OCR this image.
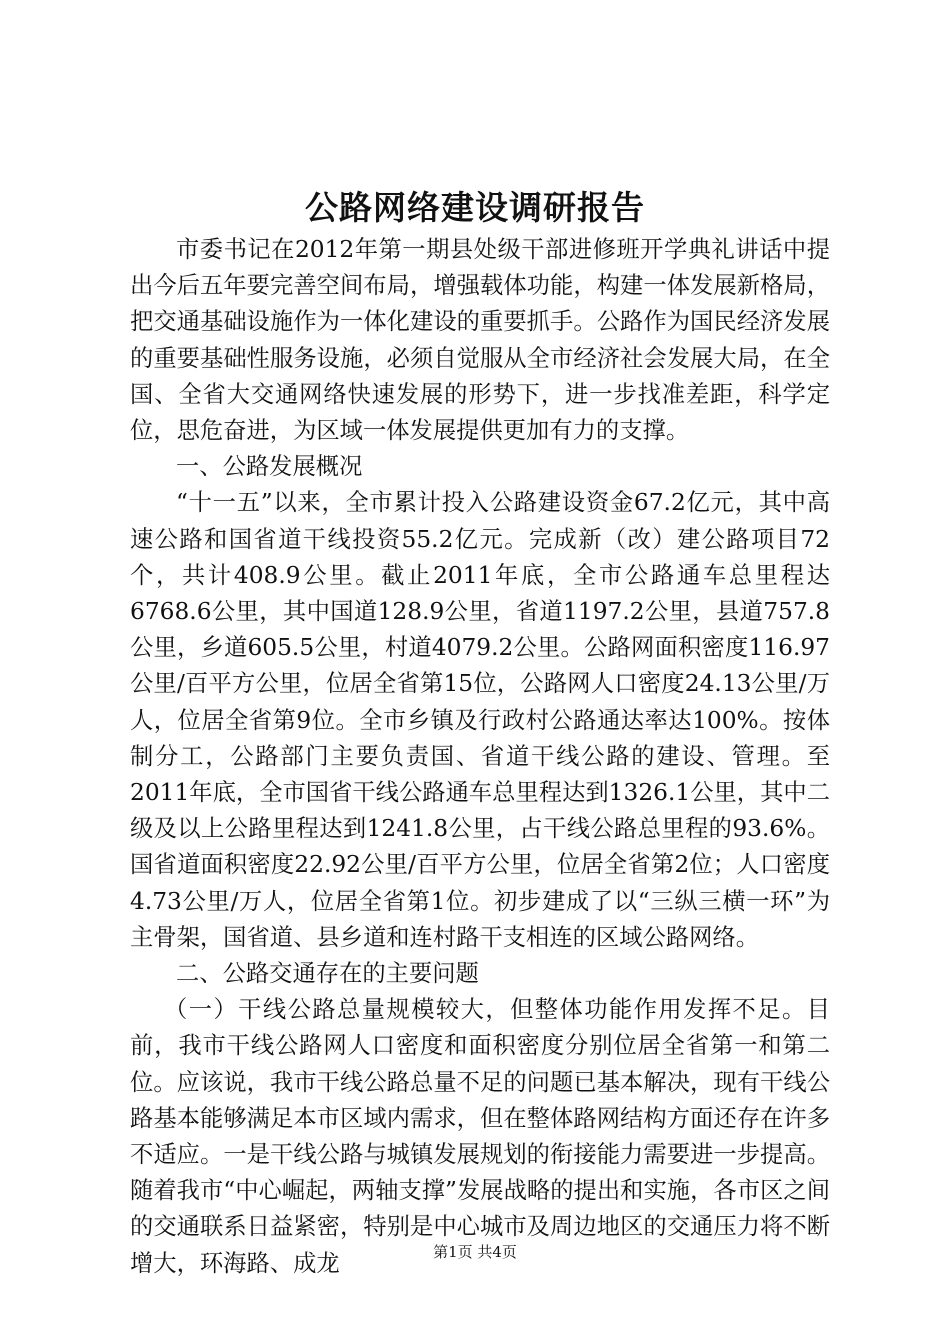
公路网络建设调研报告

市委书记在2012年第一期县处级干部进修班开学典礼讲话中提出今后五年要完善空间布局，增强载体功能，构建一体发展新格局，把交通基础设施作为一体化建设的重要抓手。公路作为国民经济发展的重要基础性服务设施，必须自觉服从全市经济社会发展大局，在全国、全省大交通网络快速发展的形势下，进一步找准差距，科学定位，思危奋进，为区域一体发展提供更加有力的支撑。

一、公路发展概况

“十一五”以来，全市累计投入公路建设资金67.2亿元，其中高速公路和国省道干线投资55.2亿元。完成新（改）建公路项目72个，共计408.9公里。截止2011年底，全市公路通车总里程达6768.6公里，其中国道128.9公里，省道1197.2公里，县道757.8公里，乡道605.5公里，村道4079.2公里。公路网面积密度116.97公里/百平方公里，位居全省第15位，公路网人口密度24.13公里/万人，位居全省第9位。全市乡镇及行政村公路通达率达100%。按体制分工，公路部门主要负责国、省道干线公路的建设、管理。至2011年底，全市国省干线公路通车总里程达到1326.1公里，其中二级及以上公路里程达到1241.8公里，占干线公路总里程的93.6%。国省道面积密度22.92公里/百平方公里，位居全省第2位；人口密度4.73公里/万人，位居全省第1位。初步建成了以“三纵三横一环”为主骨架，国省道、县乡道和连村路干支相连的区域公路网络。

二、公路交通存在的主要问题

（一）干线公路总量规模较大，但整体功能作用发挥不足。目前，我市干线公路网人口密度和面积密度分别位居全省第一和第二位。应该说，我市干线公路总量不足的问题已基本解决，现有干线公路基本能够满足本市区域内需求，但在整体路网结构方面还存在许多不适应。一是干线公路与城镇发展规划的衔接能力需要进一步提高。随着我市“中心崛起，两轴支撑”发展战略的提出和实施，各市区之间的交通联系日益紧密，特别是中心城市及周边地区的交通压力将不断增大，环海路、成龙	第1页 共4页
